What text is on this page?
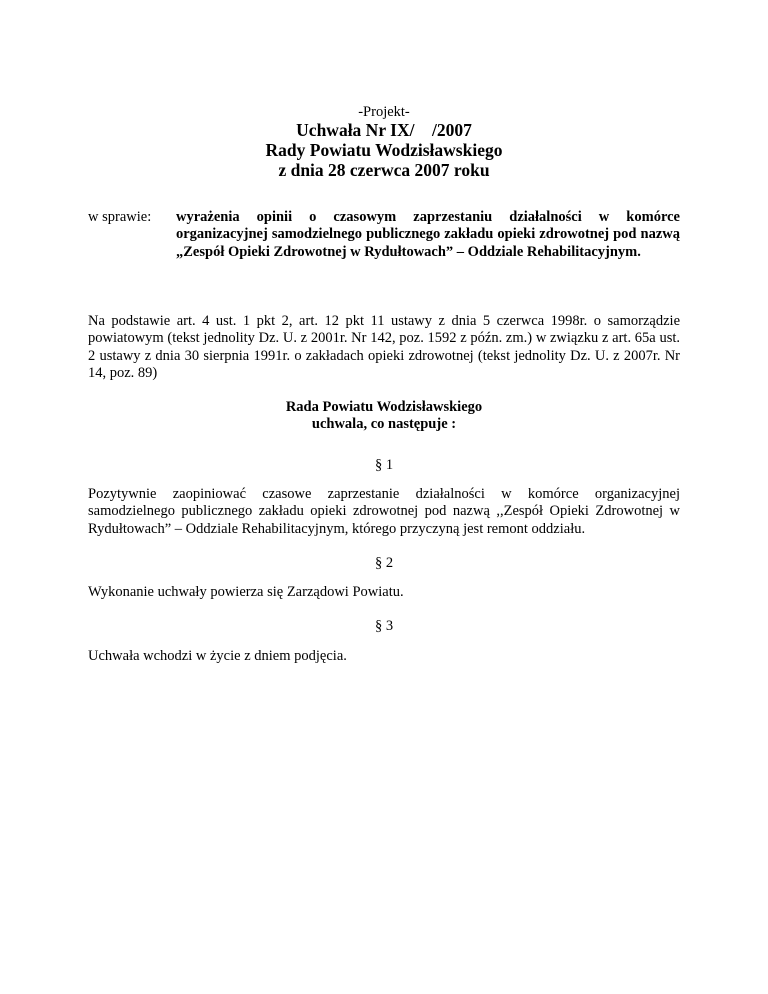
-Projekt-
Uchwała Nr IX/    /2007
Rady Powiatu Wodzisławskiego
z dnia 28 czerwca 2007 roku
w sprawie:	wyrażenia opinii o czasowym zaprzestaniu działalności w komórce organizacyjnej samodzielnego publicznego zakładu opieki zdrowotnej pod nazwą „Zespół Opieki Zdrowotnej w Rydułtowach” – Oddziale Rehabilitacyjnym.
Na podstawie art. 4 ust. 1 pkt 2, art. 12 pkt 11 ustawy z dnia 5 czerwca 1998r. o samorządzie powiatowym (tekst jednolity Dz. U. z 2001r. Nr 142, poz. 1592 z późn. zm.) w związku z art. 65a ust. 2 ustawy z dnia 30 sierpnia 1991r. o zakładach opieki zdrowotnej (tekst jednolity Dz. U. z 2007r. Nr 14, poz. 89)
Rada Powiatu Wodzisławskiego
uchwala, co następuje :
§ 1
Pozytywnie zaopiniować czasowe zaprzestanie działalności w komórce organizacyjnej samodzielnego publicznego zakładu opieki zdrowotnej pod nazwą ,,Zespół Opieki Zdrowotnej w Rydułtowach” – Oddziale Rehabilitacyjnym, którego przyczyną jest remont oddziału.
§ 2
Wykonanie uchwały powierza się Zarządowi Powiatu.
§ 3
Uchwała wchodzi w życie z dniem podjęcia.
